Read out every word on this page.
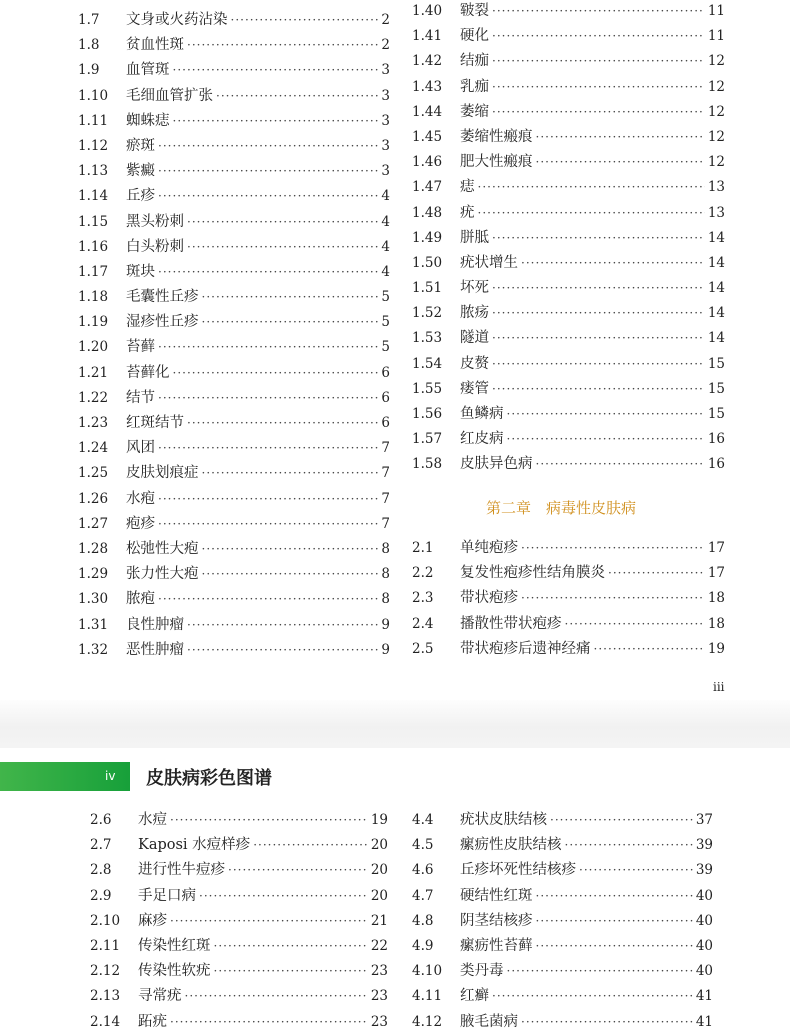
1.7	文身或火药沾染 ·····	2
1.8	贫血性斑 ·····	2
1.9	血管斑 ·····	3
1.10	毛细血管扩张 ·····	3
1.11	蜘蛛痣 ·····	3
1.12	瘀斑 ·····	3
1.13	紫癜 ·····	3
1.14	丘疹 ·····	4
1.15	黑头粉刺 ·····	4
1.16	白头粉刺 ·····	4
1.17	斑块 ·····	4
1.18	毛囊性丘疹 ·····	5
1.19	湿疹性丘疹 ·····	5
1.20	苔藓 ·····	5
1.21	苔藓化 ·····	6
1.22	结节 ·····	6
1.23	红斑结节 ·····	6
1.24	风团 ·····	7
1.25	皮肤划痕症 ·····	7
1.26	水疱 ·····	7
1.27	疱疹 ·····	7
1.28	松弛性大疱 ·····	8
1.29	张力性大疱 ·····	8
1.30	脓疱 ·····	8
1.31	良性肿瘤 ·····	9
1.32	恶性肿瘤 ·····	9
1.40	皲裂 ·····	11
1.41	硬化 ·····	11
1.42	结痂 ·····	12
1.43	乳痂 ·····	12
1.44	萎缩 ·····	12
1.45	萎缩性瘢痕 ·····	12
1.46	肥大性瘢痕 ·····	12
1.47	痣 ·····	13
1.48	疣 ·····	13
1.49	胼胝 ·····	14
1.50	疣状增生 ·····	14
1.51	坏死 ·····	14
1.52	脓疡 ·····	14
1.53	隧道 ·····	14
1.54	皮赘 ·····	15
1.55	瘘管 ·····	15
1.56	鱼鳞病 ·····	15
1.57	红皮病 ·····	16
1.58	皮肤异色病 ·····	16
第二章　病毒性皮肤病
2.1	单纯疱疹 ·····	17
2.2	复发性疱疹性结角膜炎 ·····	17
2.3	带状疱疹 ·····	18
2.4	播散性带状疱疹 ·····	18
2.5	带状疱疹后遗神经痛 ·····	19
iii
2.6	水痘 ·····	19
2.7	Kaposi 水痘样疹 ·····	20
2.8	进行性牛痘疹 ·····	20
2.9	手足口病 ·····	20
2.10	麻疹 ·····	21
2.11	传染性红斑 ·····	22
2.12	传染性软疣 ·····	23
2.13	寻常疣 ·····	23
2.14	跖疣 ·····	23
4.4	疣状皮肤结核 ·····	37
4.5	瘰疬性皮肤结核 ·····	39
4.6	丘疹坏死性结核疹 ·····	39
4.7	硬结性红斑 ·····	40
4.8	阴茎结核疹 ·····	40
4.9	瘰疬性苔藓 ·····	40
4.10	类丹毒 ·····	40
4.11	红癣 ·····	41
4.12	腋毛菌病 ·····	41
iv 皮肤病彩色图谱
